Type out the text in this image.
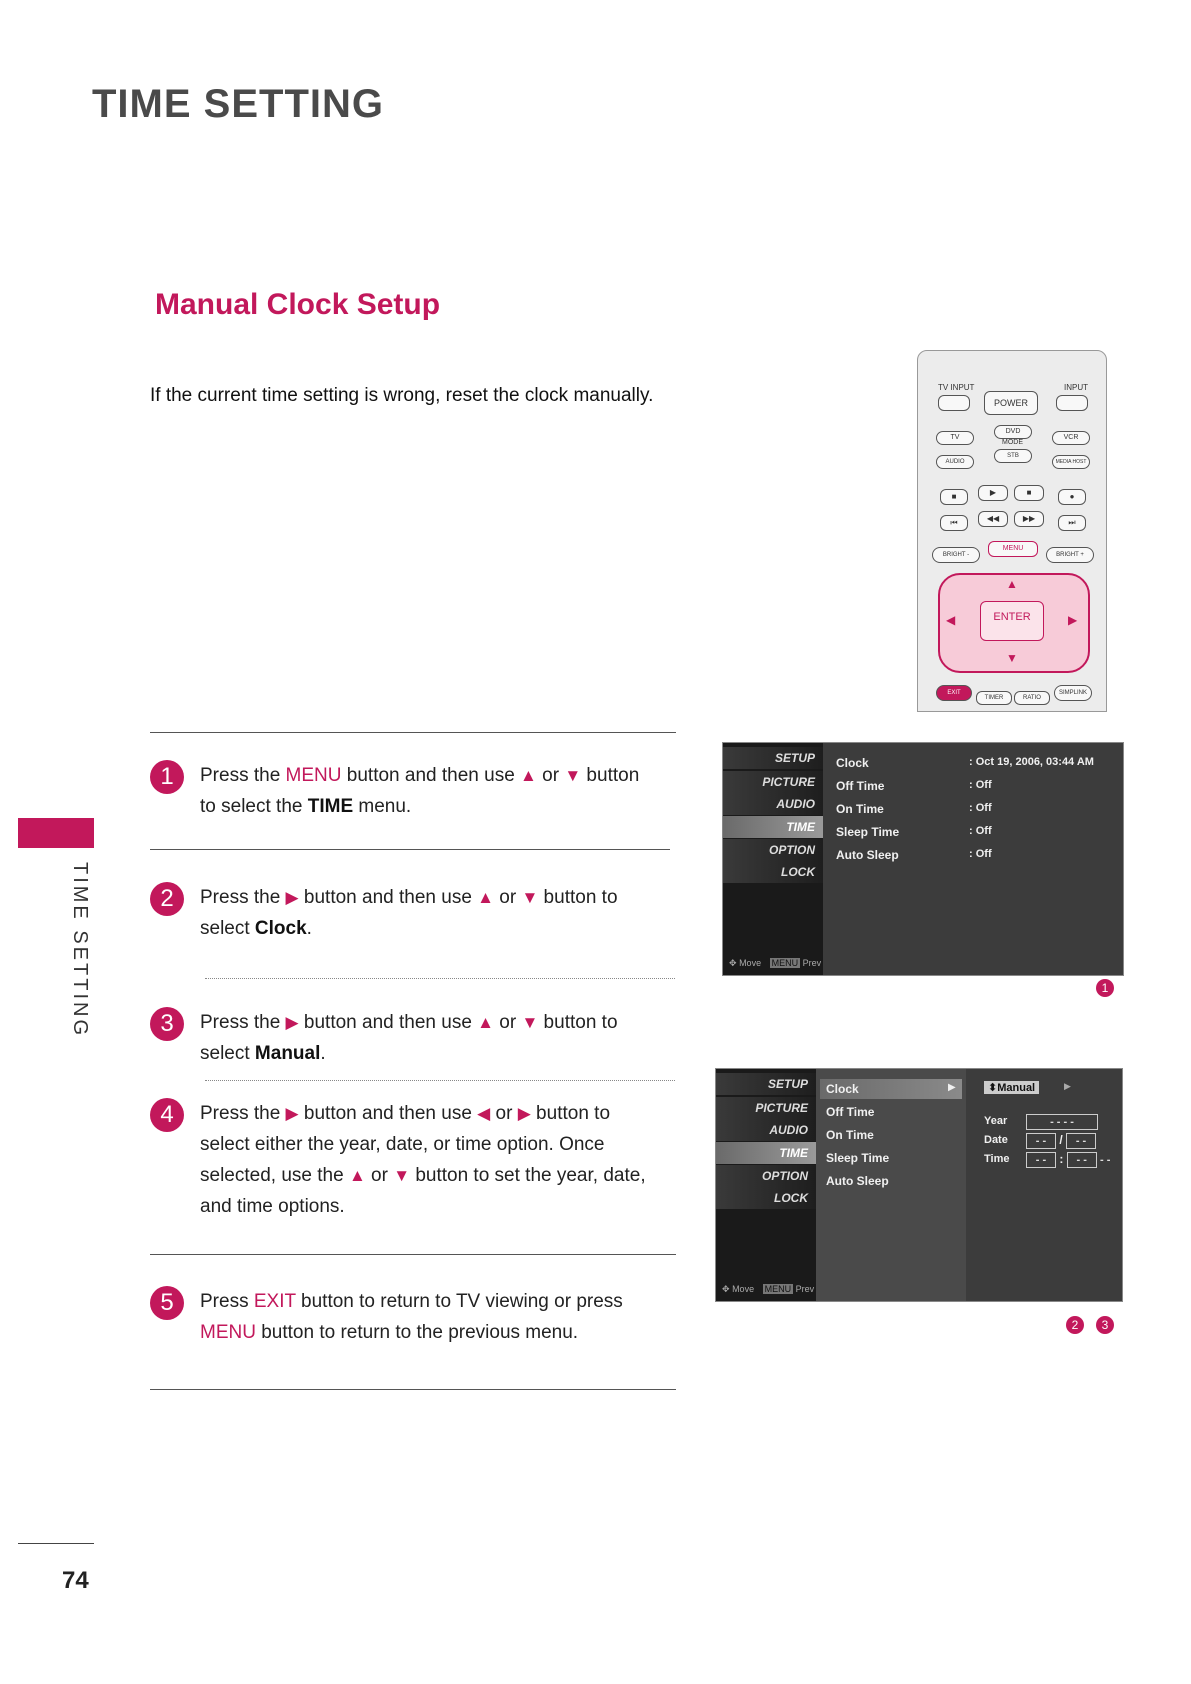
TIME SETTING
Manual Clock Setup

If the current time setting is wrong, reset the clock manually.

TIME SETTING
74
1	Press the MENU button and then use ▲ or ▼ button
to select the TIME menu.
2	Press the ▶ button and then use ▲ or ▼ button to
select Clock.
3	Press the ▶ button and then use ▲ or ▼ button to
select Manual.
4	Press the ▶ button and then use ◀ or ▶ button to
select either the year, date, or time option. Once
selected, use the ▲ or ▼ button to set the year, date,
and time options.
5	Press EXIT button to return to TV viewing or press
MENU button to return to the previous menu.
TV INPUT
POWER
INPUT
TV
DVD
MODE
VCR
AUDIO
STB
MEDIA HOST
■	▶	■	●
⏮	◀◀	▶▶	⏭
BRIGHT -
MENU
BRIGHT +
▲
▼
◀	▶
ENTER
EXIT
TIMER	RATIO
SIMPLINK
SETUP
PICTURE
AUDIO
TIME
OPTION
LOCK
✥ Move MENU Prev
Clock	: Oct 19, 2006, 03:44 AM
Off Time	: Off
On Time	: Off
Sleep Time	: Off
Auto Sleep	: Off
1
SETUP
PICTURE
AUDIO
TIME
OPTION
LOCK
✥ Move MENU Prev
Clock	▶
Off Time
On Time
Sleep Time
Auto Sleep
⬍Manual	▶
Year	- - - -
Date	- - / - -
Time	- - : - - - -
2	3
